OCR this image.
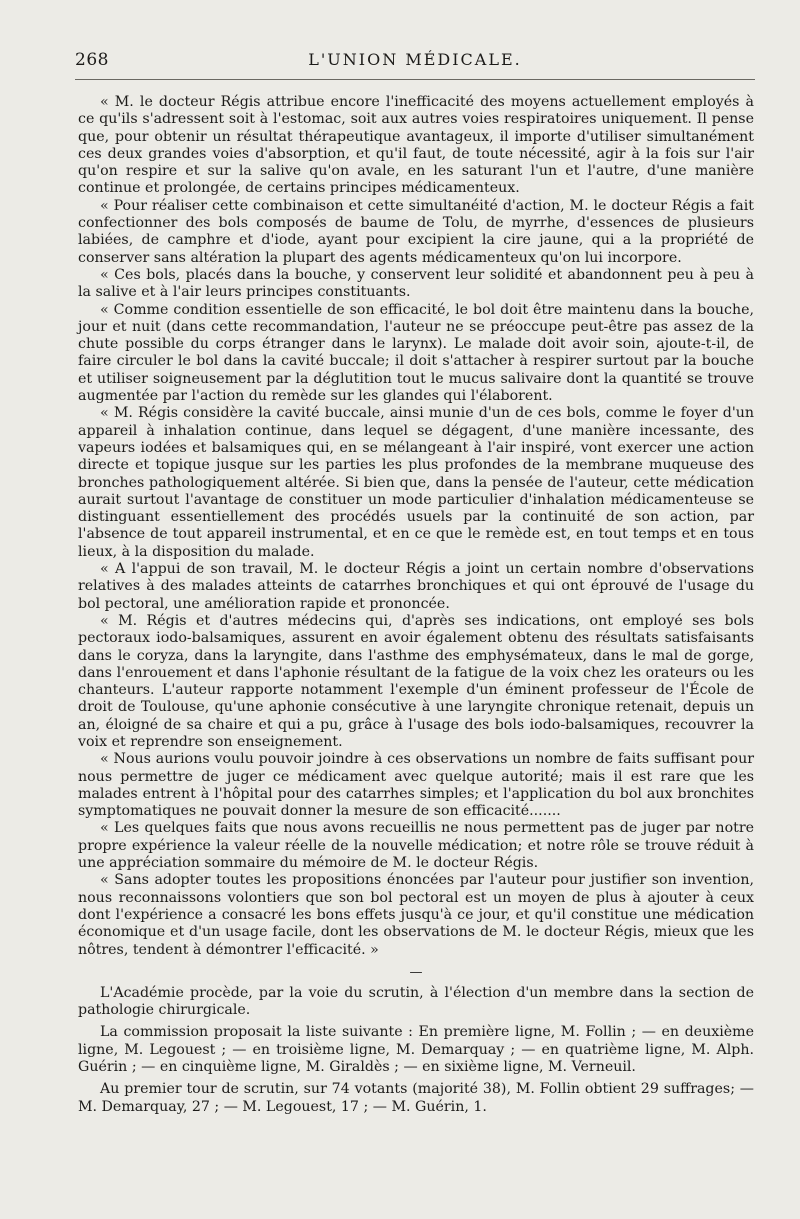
268	L'UNION MÉDICALE.

« M. le docteur Régis attribue encore l'inefficacité des moyens actuellement employés à ce qu'ils s'adressent soit à l'estomac, soit aux autres voies respiratoires uniquement. Il pense que, pour obtenir un résultat thérapeutique avantageux, il importe d'utiliser simultanément ces deux grandes voies d'absorption, et qu'il faut, de toute nécessité, agir à la fois sur l'air qu'on respire et sur la salive qu'on avale, en les saturant l'un et l'autre, d'une manière continue et prolongée, de certains principes médicamenteux.

« Pour réaliser cette combinaison et cette simultanéité d'action, M. le docteur Régis a fait confectionner des bols composés de baume de Tolu, de myrrhe, d'essences de plusieurs labiées, de camphre et d'iode, ayant pour excipient la cire jaune, qui a la propriété de conserver sans altération la plupart des agents médicamenteux qu'on lui incorpore.

« Ces bols, placés dans la bouche, y conservent leur solidité et abandonnent peu à peu à la salive et à l'air leurs principes constituants.

« Comme condition essentielle de son efficacité, le bol doit être maintenu dans la bouche, jour et nuit (dans cette recommandation, l'auteur ne se préoccupe peut-être pas assez de la chute possible du corps étranger dans le larynx). Le malade doit avoir soin, ajoute-t-il, de faire circuler le bol dans la cavité buccale; il doit s'attacher à respirer surtout par la bouche et utiliser soigneusement par la déglutition tout le mucus salivaire dont la quantité se trouve augmentée par l'action du remède sur les glandes qui l'élaborent.

« M. Régis considère la cavité buccale, ainsi munie d'un de ces bols, comme le foyer d'un appareil à inhalation continue, dans lequel se dégagent, d'une manière incessante, des vapeurs iodées et balsamiques qui, en se mélangeant à l'air inspiré, vont exercer une action directe et topique jusque sur les parties les plus profondes de la membrane muqueuse des bronches pathologiquement altérée. Si bien que, dans la pensée de l'auteur, cette médication aurait surtout l'avantage de constituer un mode particulier d'inhalation médicamenteuse se distinguant essentiellement des procédés usuels par la continuité de son action, par l'absence de tout appareil instrumental, et en ce que le remède est, en tout temps et en tous lieux, à la disposition du malade.

« A l'appui de son travail, M. le docteur Régis a joint un certain nombre d'observations relatives à des malades atteints de catarrhes bronchiques et qui ont éprouvé de l'usage du bol pectoral, une amélioration rapide et prononcée.

« M. Régis et d'autres médecins qui, d'après ses indications, ont employé ses bols pectoraux iodo-balsamiques, assurent en avoir également obtenu des résultats satisfaisants dans le coryza, dans la laryngite, dans l'asthme des emphysémateux, dans le mal de gorge, dans l'enrouement et dans l'aphonie résultant de la fatigue de la voix chez les orateurs ou les chanteurs. L'auteur rapporte notamment l'exemple d'un éminent professeur de l'École de droit de Toulouse, qu'une aphonie consécutive à une laryngite chronique retenait, depuis un an, éloigné de sa chaire et qui a pu, grâce à l'usage des bols iodo-balsamiques, recouvrer la voix et reprendre son enseignement.

« Nous aurions voulu pouvoir joindre à ces observations un nombre de faits suffisant pour nous permettre de juger ce médicament avec quelque autorité; mais il est rare que les malades entrent à l'hôpital pour des catarrhes simples; et l'application du bol aux bronchites symptomatiques ne pouvait donner la mesure de son efficacité.......

« Les quelques faits que nous avons recueillis ne nous permettent pas de juger par notre propre expérience la valeur réelle de la nouvelle médication; et notre rôle se trouve réduit à une appréciation sommaire du mémoire de M. le docteur Régis.

« Sans adopter toutes les propositions énoncées par l'auteur pour justifier son invention, nous reconnaissons volontiers que son bol pectoral est un moyen de plus à ajouter à ceux dont l'expérience a consacré les bons effets jusqu'à ce jour, et qu'il constitue une médication économique et d'un usage facile, dont les observations de M. le docteur Régis, mieux que les nôtres, tendent à démontrer l'efficacité. »

—

L'Académie procède, par la voie du scrutin, à l'élection d'un membre dans la section de pathologie chirurgicale.

La commission proposait la liste suivante : En première ligne, M. Follin ; — en deuxième ligne, M. Legouest ; — en troisième ligne, M. Demarquay ; — en quatrième ligne, M. Alph. Guérin ; — en cinquième ligne, M. Giraldès ; — en sixième ligne, M. Verneuil.

Au premier tour de scrutin, sur 74 votants (majorité 38), M. Follin obtient 29 suffrages; — M. Demarquay, 27 ; — M. Legouest, 17 ; — M. Guérin, 1.
